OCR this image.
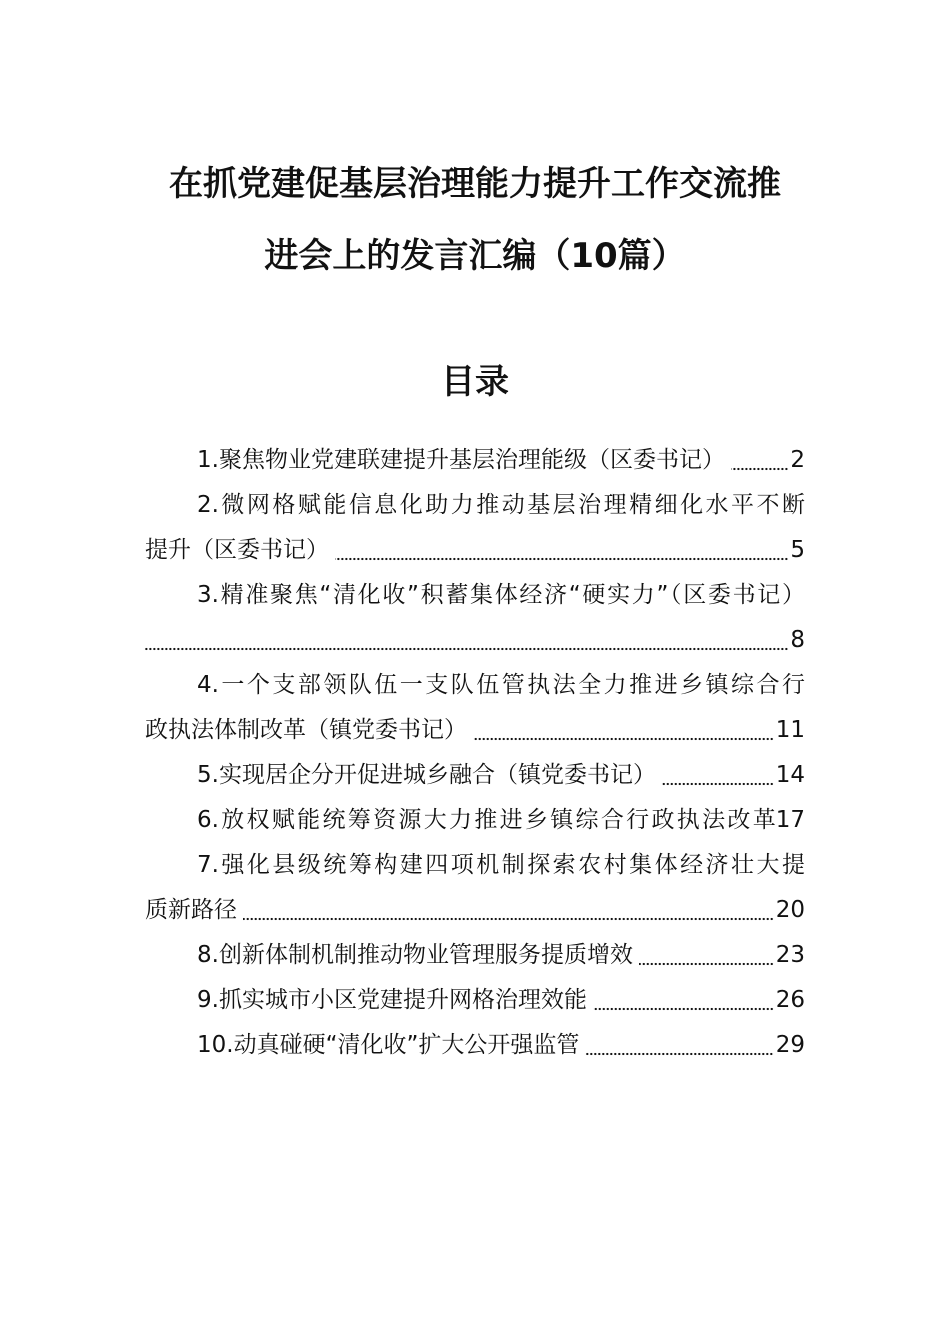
在抓党建促基层治理能力提升工作交流推
进会上的发言汇编（10篇）
目录
1.聚焦物业党建联建提升基层治理能级（区委书记）	2
2.微网格赋能信息化助力推动基层治理精细化水平不断
提升（区委书记）	5
3.精准聚焦“清化收”积蓄集体经济“硬实力”（区委书记）
8
4.一个支部领队伍一支队伍管执法全力推进乡镇综合行
政执法体制改革（镇党委书记）	11
5.实现居企分开促进城乡融合（镇党委书记）	14
6.放权赋能统筹资源大力推进乡镇综合行政执法改革 17
7.强化县级统筹构建四项机制探索农村集体经济壮大提
质新路径	20
8.创新体制机制推动物业管理服务提质增效	23
9.抓实城市小区党建提升网格治理效能	26
10.动真碰硬“清化收”扩大公开强监管	29
